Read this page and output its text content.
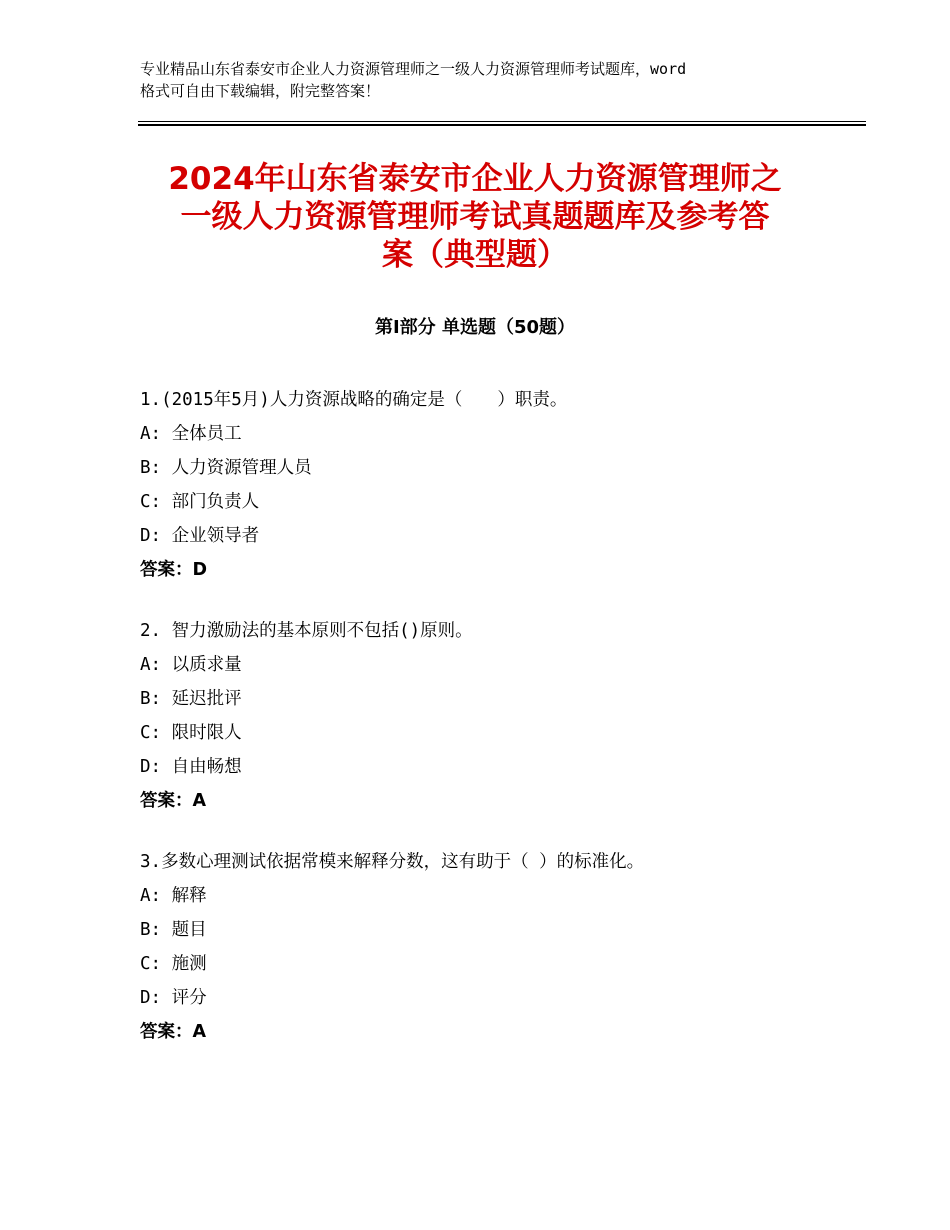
专业精品山东省泰安市企业人力资源管理师之一级人力资源管理师考试题库，word
格式可自由下载编辑，附完整答案！
2024年山东省泰安市企业人力资源管理师之
一级人力资源管理师考试真题题库及参考答
案（典型题）
第Ⅰ部分 单选题（50题）
1.(2015年5月)人力资源战略的确定是（　　）职责。
A: 全体员工
B: 人力资源管理人员
C: 部门负责人
D: 企业领导者
答案：D
2. 智力激励法的基本原则不包括()原则。
A: 以质求量
B: 延迟批评
C: 限时限人
D: 自由畅想
答案：A
3.多数心理测试依据常模来解释分数，这有助于（ ）的标准化。
A: 解释
B: 题目
C: 施测
D: 评分
答案：A
